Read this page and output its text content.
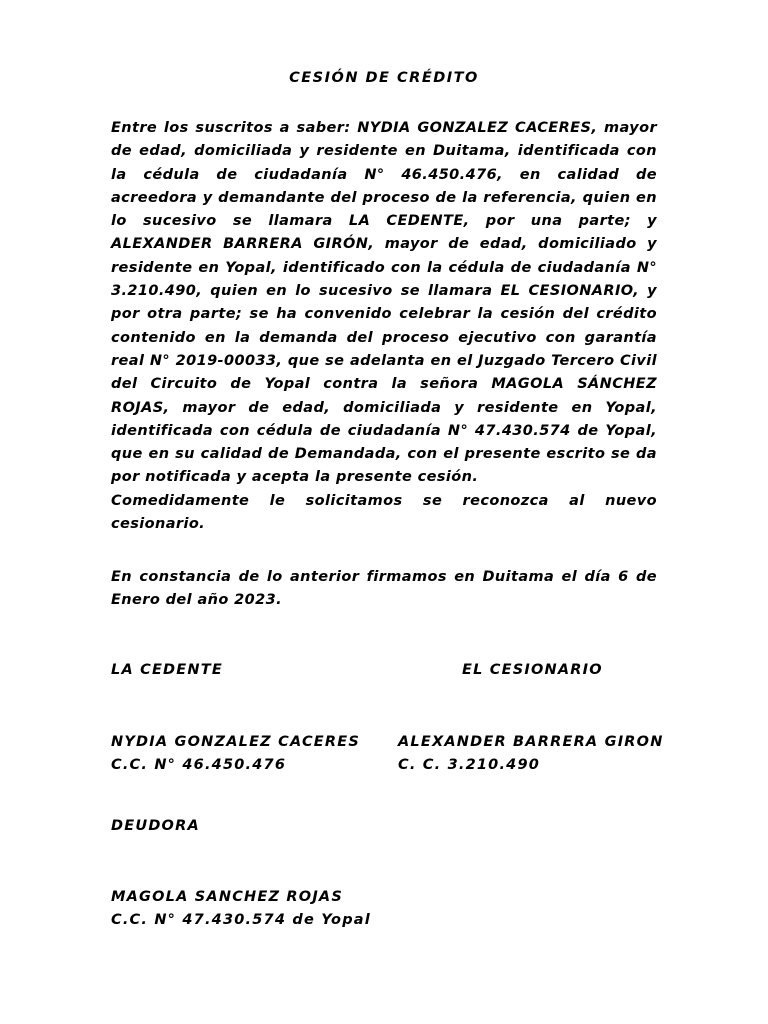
CESIÓN DE CRÉDITO

Entre los suscritos a saber: NYDIA GONZALEZ CACERES, mayor de edad, domiciliada y residente en Duitama, identificada con la cédula de ciudadanía N° 46.450.476, en calidad de acreedora y demandante del proceso de la referencia, quien en lo sucesivo se llamara LA CEDENTE, por una parte; y ALEXANDER BARRERA GIRÓN, mayor de edad, domiciliado y residente en Yopal, identificado con la cédula de ciudadanía N° 3.210.490, quien en lo sucesivo se llamara EL CESIONARIO, y por otra parte; se ha convenido celebrar la cesión del crédito contenido en la demanda del proceso ejecutivo con garantía real N° 2019-00033, que se adelanta en el Juzgado Tercero Civil del Circuito de Yopal contra la señora MAGOLA SÁNCHEZ ROJAS, mayor de edad, domiciliada y residente en Yopal, identificada con cédula de ciudadanía N° 47.430.574 de Yopal, que en su calidad de Demandada, con el presente escrito se da por notificada y acepta la presente cesión.

Comedidamente le solicitamos se reconozca al nuevo cesionario.

En constancia de lo anterior firmamos en Duitama el día 6 de Enero del año 2023.

LA CEDENTE	EL CESIONARIO
NYDIA GONZALEZ CACERES
C.C. N° 46.450.476
ALEXANDER BARRERA GIRON
C. C. 3.210.490
DEUDORA
MAGOLA SANCHEZ ROJAS
C.C. N° 47.430.574 de Yopal
